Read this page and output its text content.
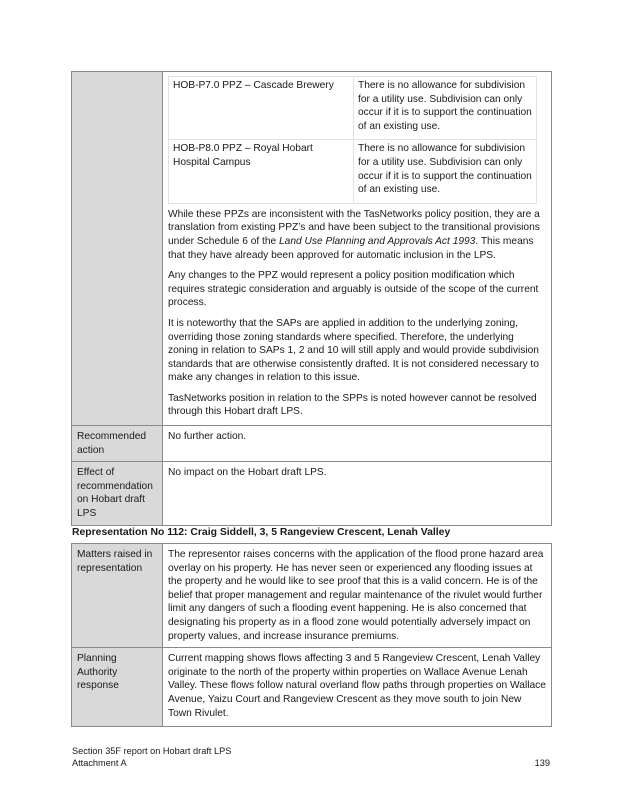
HOB-P7.0 PPZ – Cascade Brewery	There is no allowance for subdivision for a utility use. Subdivision can only occur if it is to support the continuation of an existing use.
HOB-P8.0 PPZ – Royal Hobart Hospital Campus	There is no allowance for subdivision for a utility use. Subdivision can only occur if it is to support the continuation of an existing use.

While these PPZs are inconsistent with the TasNetworks policy position, they are a translation from existing PPZ’s and have been subject to the transitional provisions under Schedule 6 of the Land Use Planning and Approvals Act 1993. This means that they have already been approved for automatic inclusion in the LPS.

Any changes to the PPZ would represent a policy position modification which requires strategic consideration and arguably is outside of the scope of the current process.

It is noteworthy that the SAPs are applied in addition to the underlying zoning, overriding those zoning standards where specified. Therefore, the underlying zoning in relation to SAPs 1, 2 and 10 will still apply and would provide subdivision standards that are otherwise consistently drafted. It is not considered necessary to make any changes in relation to this issue.

TasNetworks position in relation to the SPPs is noted however cannot be resolved through this Hobart draft LPS.

Recommended action	No further action.
Effect of recommendation on Hobart draft LPS	No impact on the Hobart draft LPS.
Representation No 112: Craig Siddell, 3, 5 Rangeview Crescent, Lenah Valley
Matters raised in representation	The representor raises concerns with the application of the flood prone hazard area overlay on his property. He has never seen or experienced any flooding issues at the property and he would like to see proof that this is a valid concern. He is of the belief that proper management and regular maintenance of the rivulet would further limit any dangers of such a flooding event happening. He is also concerned that designating his property as in a flood zone would potentially adversely impact on property values, and increase insurance premiums.
Planning Authority response	Current mapping shows flows affecting 3 and 5 Rangeview Crescent, Lenah Valley originate to the north of the property within properties on Wallace Avenue Lenah Valley. These flows follow natural overland flow paths through properties on Wallace Avenue, Yaizu Court and Rangeview Crescent as they move south to join New Town Rivulet.
Section 35F report on Hobart draft LPS
Attachment A	139
